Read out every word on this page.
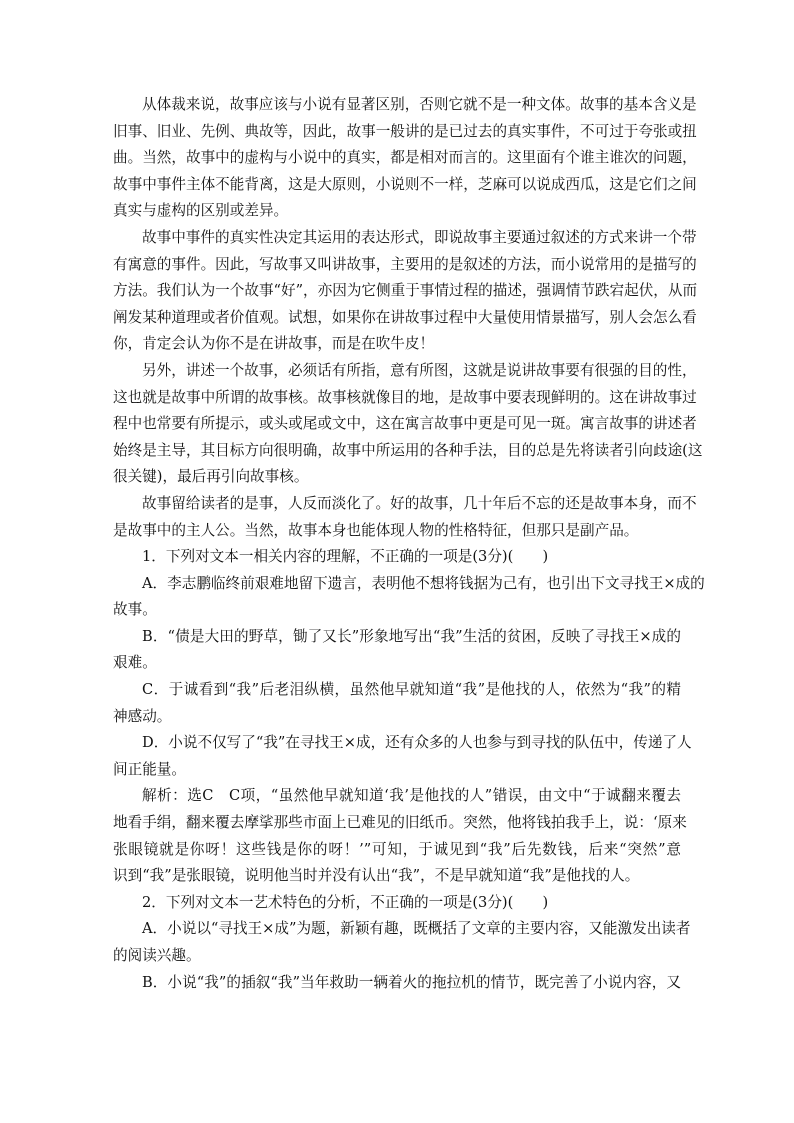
从体裁来说，故事应该与小说有显著区别，否则它就不是一种文体。故事的基本含义是
旧事、旧业、先例、典故等，因此，故事一般讲的是已过去的真实事件，不可过于夸张或扭
曲。当然，故事中的虚构与小说中的真实，都是相对而言的。这里面有个谁主谁次的问题，
故事中事件主体不能背离，这是大原则，小说则不一样，芝麻可以说成西瓜，这是它们之间
真实与虚构的区别或差异。
故事中事件的真实性决定其运用的表达形式，即说故事主要通过叙述的方式来讲一个带
有寓意的事件。因此，写故事又叫讲故事，主要用的是叙述的方法，而小说常用的是描写的
方法。我们认为一个故事“好”，亦因为它侧重于事情过程的描述，强调情节跌宕起伏，从而
阐发某种道理或者价值观。试想，如果你在讲故事过程中大量使用情景描写，别人会怎么看
你，肯定会认为你不是在讲故事，而是在吹牛皮！
另外，讲述一个故事，必须话有所指，意有所图，这就是说讲故事要有很强的目的性，
这也就是故事中所谓的故事核。故事核就像目的地，是故事中要表现鲜明的。这在讲故事过
程中也常要有所提示，或头或尾或文中，这在寓言故事中更是可见一斑。寓言故事的讲述者
始终是主导，其目标方向很明确，故事中所运用的各种手法，目的总是先将读者引向歧途(这
很关键)，最后再引向故事核。
故事留给读者的是事，人反而淡化了。好的故事，几十年后不忘的还是故事本身，而不
是故事中的主人公。当然，故事本身也能体现人物的性格特征，但那只是副产品。
1．下列对文本一相关内容的理解，不正确的一项是(3分)(　　)
A．李志鹏临终前艰难地留下遗言，表明他不想将钱据为己有，也引出下文寻找王×成的
故事。
B．“债是大田的野草，锄了又长”形象地写出“我”生活的贫困，反映了寻找王×成的
艰难。
C．于诚看到“我”后老泪纵横，虽然他早就知道“我”是他找的人，依然为“我”的精
神感动。
D．小说不仅写了“我”在寻找王×成，还有众多的人也参与到寻找的队伍中，传递了人
间正能量。
解析：选C　C项，“虽然他早就知道‘我’是他找的人”错误，由文中“于诚翻来覆去
地看手绢，翻来覆去摩挲那些市面上已难见的旧纸币。突然，他将钱拍我手上，说：‘原来
张眼镜就是你呀！这些钱是你的呀！’”可知，于诚见到“我”后先数钱，后来“突然”意
识到“我”是张眼镜，说明他当时并没有认出“我”，不是早就知道“我”是他找的人。
2．下列对文本一艺术特色的分析，不正确的一项是(3分)(　　)
A．小说以“寻找王×成”为题，新颖有趣，既概括了文章的主要内容，又能激发出读者
的阅读兴趣。
B．小说“我”的插叙“我”当年救助一辆着火的拖拉机的情节，既完善了小说内容，又
